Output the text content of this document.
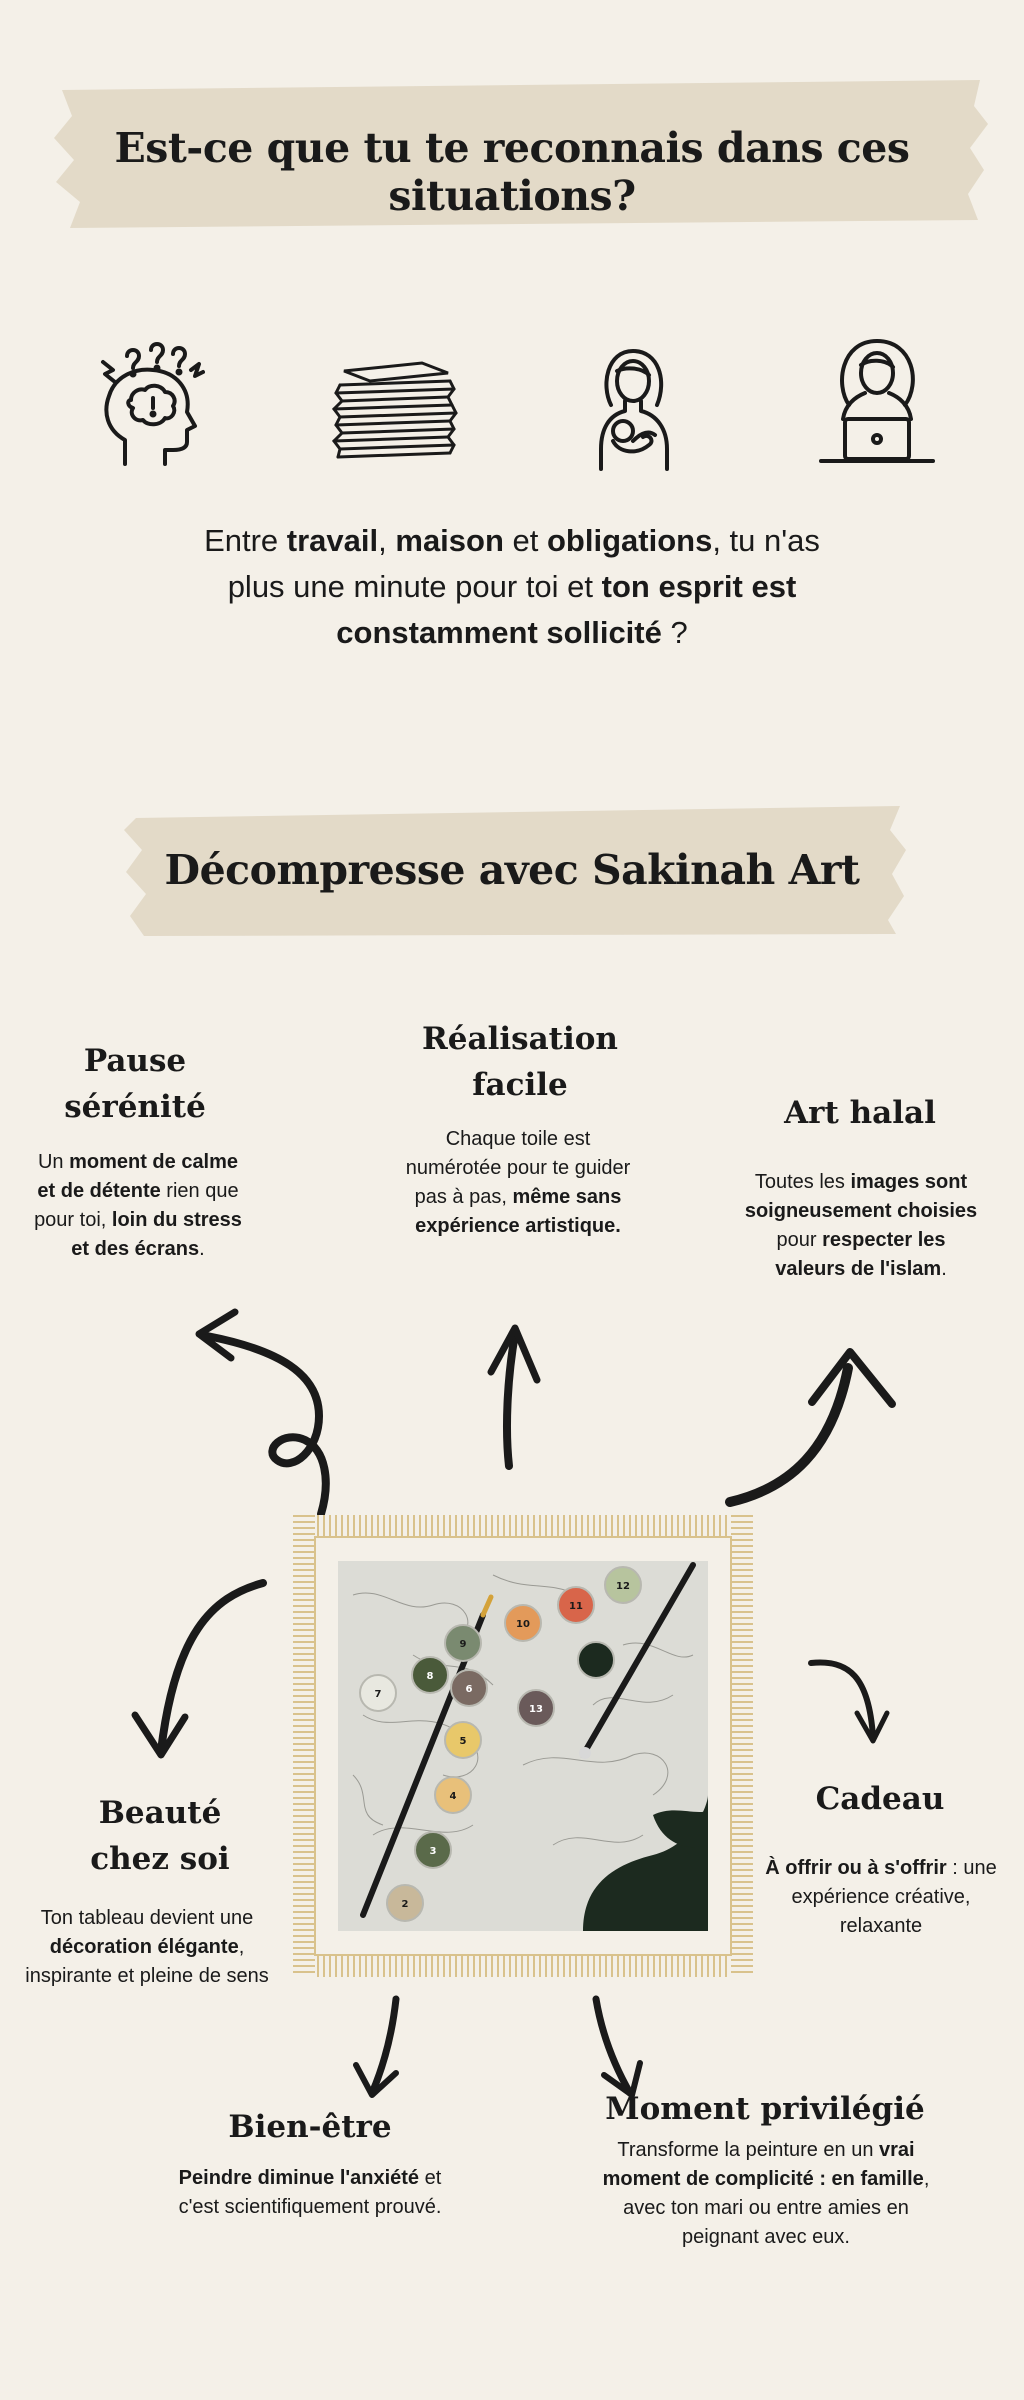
Est-ce que tu te reconnais dans ces situations?
Entre travail, maison et obligations, tu n'as plus une minute pour toi et ton esprit est constamment sollicité ?
Décompresse avec Sakinah Art
Pause sérénité
Un moment de calme et de détente rien que pour toi, loin du stress et des écrans.
Réalisation facile
Chaque toile est numérotée pour te guider pas à pas, même sans expérience artistique.
Art halal
Toutes les images sont soigneusement choisies pour respecter les valeurs de l'islam.
Beauté chez soi
Ton tableau devient une décoration élégante, inspirante et pleine de sens
Cadeau
À offrir ou à s'offrir : une expérience créative, relaxante
Bien-être
Peindre diminue l'anxiété et c'est scientifiquement prouvé.
Moment privilégié
Transforme la peinture en un vrai moment de complicité : en famille, avec ton mari ou entre amies en peignant avec eux.
7
8
9
10
11
12
13
6
5
4
3
2
